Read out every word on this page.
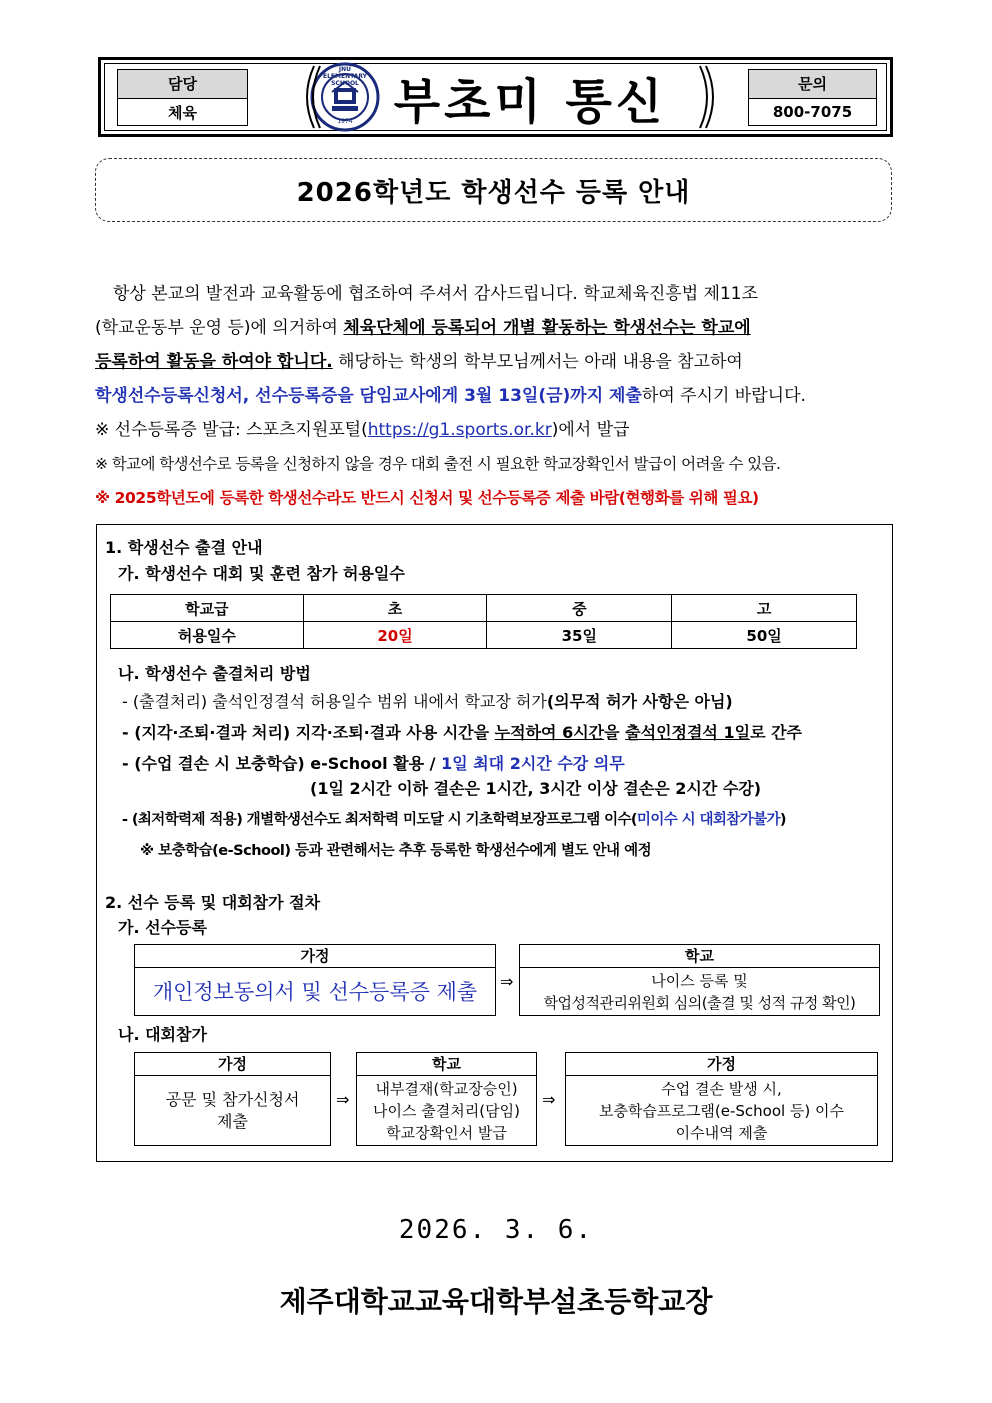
담당
체육
JNU ELEMENTARY SCHOOL
1974 부초미 통신	문의
800-7075
2026학년도 학생선수 등록 안내

항상 본교의 발전과 교육활동에 협조하여 주셔서 감사드립니다. 학교체육진흥법 제11조

(학교운동부 운영 등)에 의거하여 체육단체에 등록되어 개별 활동하는 학생선수는 학교에

등록하여 활동을 하여야 합니다. 해당하는 학생의 학부모님께서는 아래 내용을 참고하여

학생선수등록신청서, 선수등록증을 담임교사에게 3월 13일(금)까지 제출하여 주시기 바랍니다.

※ 선수등록증 발급: 스포츠지원포털(https://g1.sports.or.kr)에서 발급

※ 학교에 학생선수로 등록을 신청하지 않을 경우 대회 출전 시 필요한 학교장확인서 발급이 어려울 수 있음.

※ 2025학년도에 등록한 학생선수라도 반드시 신청서 및 선수등록증 제출 바람(현행화를 위해 필요)

1. 학생선수 출결 안내
가. 학생선수 대회 및 훈련 참가 허용일수
학교급	초	중	고
허용일수	20일	35일	50일
나. 학생선수 출결처리 방법
- (출결처리) 출석인정결석 허용일수 범위 내에서 학교장 허가(의무적 허가 사항은 아님)
- (지각·조퇴·결과 처리) 지각·조퇴·결과 사용 시간을 누적하여 6시간을 출석인정결석 1일로 간주
- (수업 결손 시 보충학습) e-School 활용 / 1일 최대 2시간 수강 의무
(1일 2시간 이하 결손은 1시간, 3시간 이상 결손은 2시간 수강)
- (최저학력제 적용) 개별학생선수도 최저학력 미도달 시 기초학력보장프로그램 이수(미이수 시 대회참가불가)
※ 보충학습(e-School) 등과 관련해서는 추후 등록한 학생선수에게 별도 안내 예정
2. 선수 등록 및 대회참가 절차
가. 선수등록
가정
개인정보동의서 및 선수등록증 제출	⇒
학교
나이스 등록 및
학업성적관리위원회 심의(출결 및 성적 규정 확인)
나. 대회참가
가정
공문 및 참가신청서
제출
⇒
학교
내부결재(학교장승인)
나이스 출결처리(담임)
학교장확인서 발급
⇒
가정
수업 결손 발생 시,
보충학습프로그램(e-School 등) 이수
이수내역 제출
2026. 3. 6.
제주대학교교육대학부설초등학교장
